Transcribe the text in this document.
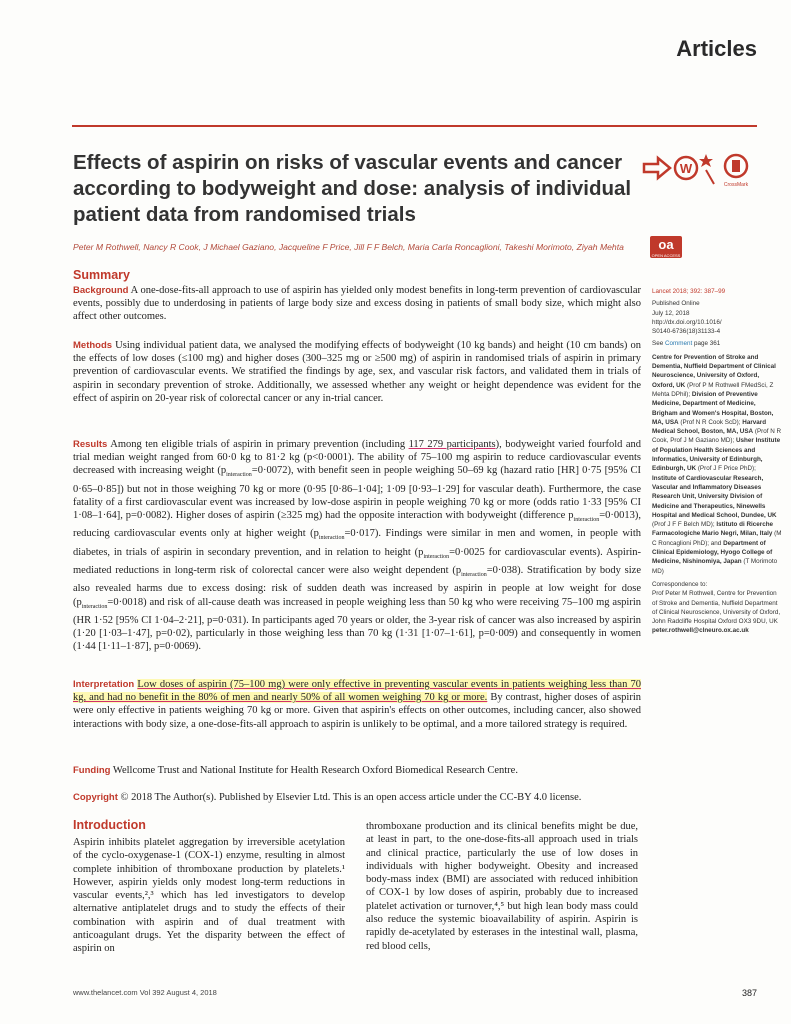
Articles
Effects of aspirin on risks of vascular events and cancer according to bodyweight and dose: analysis of individual patient data from randomised trials
Peter M Rothwell, Nancy R Cook, J Michael Gaziano, Jacqueline F Price, Jill F F Belch, Maria Carla Roncaglioni, Takeshi Morimoto, Ziyah Mehta
W
CrossMark
oa
OPEN ACCESS
Summary
Background A one-dose-fits-all approach to use of aspirin has yielded only modest benefits in long-term prevention of cardiovascular events, possibly due to underdosing in patients of large body size and excess dosing in patients of small body size, which might also affect other outcomes.
Methods Using individual patient data, we analysed the modifying effects of bodyweight (10 kg bands) and height (10 cm bands) on the effects of low doses (≤100 mg) and higher doses (300–325 mg or ≥500 mg) of aspirin in randomised trials of aspirin in primary prevention of cardiovascular events. We stratified the findings by age, sex, and vascular risk factors, and validated them in trials of aspirin in secondary prevention of stroke. Additionally, we assessed whether any weight or height dependence was evident for the effect of aspirin on 20-year risk of colorectal cancer or any in-trial cancer.
Results Among ten eligible trials of aspirin in primary prevention (including 117 279 participants), bodyweight varied fourfold and trial median weight ranged from 60·0 kg to 81·2 kg (p<0·0001). The ability of 75–100 mg aspirin to reduce cardiovascular events decreased with increasing weight $(p_{interaction}=0\cdot 0072)$, with benefit seen in people weighing 50–69 kg (hazard ratio [HR] 0·75 [95% CI 0·65–0·85]) but not in those weighing 70 kg or more (0·95 [0·86–1·04]; 1·09 [0·93–1·29] for vascular death). Furthermore, the case fatality of a first cardiovascular event was increased by low-dose aspirin in people weighing 70 kg or more (odds ratio 1·33 [95% CI 1·08–1·64], p=0·0082). Higher doses of aspirin (≥325 mg) had the opposite interaction with bodyweight (difference $p_{interaction}=0\cdot 0013$), reducing cardiovascular events only at higher weight $(p_{interaction}=0\cdot 017)$. Findings were similar in men and women, in people with diabetes, in trials of aspirin in secondary prevention, and in relation to height ($p_{interaction}=0\cdot 0025$ for cardiovascular events). Aspirin-mediated reductions in long-term risk of colorectal cancer were also weight dependent $(p_{interaction}=0\cdot 038)$. Stratification by body size also revealed harms due to excess dosing: risk of sudden death was increased by aspirin in people at low weight for dose $(p_{interaction}=0\cdot 0018)$ and risk of all-cause death was increased in people weighing less than 50 kg who were receiving 75–100 mg aspirin (HR 1·52 [95% CI 1·04–2·21], p=0·031). In participants aged 70 years or older, the 3-year risk of cancer was also increased by aspirin (1·20 [1·03–1·47], p=0·02), particularly in those weighing less than 70 kg (1·31 [1·07–1·61], p=0·009) and consequently in women (1·44 [1·11–1·87], p=0·0069).
Interpretation Low doses of aspirin (75–100 mg) were only effective in preventing vascular events in patients weighing less than 70 kg, and had no benefit in the 80% of men and nearly 50% of all women weighing 70 kg or more. By contrast, higher doses of aspirin were only effective in patients weighing 70 kg or more. Given that aspirin's effects on other outcomes, including cancer, also showed interactions with body size, a one-dose-fits-all approach to aspirin is unlikely to be optimal, and a more tailored strategy is required.
Funding Wellcome Trust and National Institute for Health Research Oxford Biomedical Research Centre.
Copyright © 2018 The Author(s). Published by Elsevier Ltd. This is an open access article under the CC-BY 4.0 license.
Lancet 2018; 392: 387–99
Published Online
July 12, 2018
http://dx.doi.org/10.1016/
S0140-6736(18)31133-4
See Comment page 361
Centre for Prevention of Stroke and Dementia, Nuffield Department of Clinical Neuroscience, University of Oxford, Oxford, UK (Prof P M Rothwell FMedSci, Z Mehta DPhil); Division of Preventive Medicine, Department of Medicine, Brigham and Women's Hospital, Boston, MA, USA (Prof N R Cook ScD); Harvard Medical School, Boston, MA, USA (Prof N R Cook, Prof J M Gaziano MD); Usher Institute of Population Health Sciences and Informatics, University of Edinburgh, Edinburgh, UK (Prof J F Price PhD); Institute of Cardiovascular Research, Vascular and Inflammatory Diseases Research Unit, University Division of Medicine and Therapeutics, Ninewells Hospital and Medical School, Dundee, UK (Prof J F F Belch MD); Istituto di Ricerche Farmacologiche Mario Negri, Milan, Italy (M C Roncaglioni PhD); and Department of Clinical Epidemiology, Hyogo College of Medicine, Nishinomiya, Japan (T Morimoto MD)
Correspondence to:
Prof Peter M Rothwell, Centre for Prevention of Stroke and Dementia, Nuffield Department of Clinical Neuroscience, University of Oxford, John Radcliffe Hospital Oxford OX3 9DU, UK
peter.rothwell@clneuro.ox.ac.uk
Introduction
Aspirin inhibits platelet aggregation by irreversible acetylation of the cyclo-oxygenase-1 (COX-1) enzyme, resulting in almost complete inhibition of thromboxane production by platelets.¹ However, aspirin yields only modest long-term reductions in vascular events,²,³ which has led investigators to develop alternative antiplatelet drugs and to study the effects of their combination with aspirin and of dual treatment with anticoagulant drugs. Yet the disparity between the effect of aspirin on
thromboxane production and its clinical benefits might be due, at least in part, to the one-dose-fits-all approach used in trials and clinical practice, particularly the use of low doses in individuals with higher bodyweight. Obesity and increased body-mass index (BMI) are associated with reduced inhibition of COX-1 by low doses of aspirin, probably due to increased platelet activation or turnover,⁴,⁵ but high lean body mass could also reduce the systemic bioavailability of aspirin. Aspirin is rapidly de-acetylated by esterases in the intestinal wall, plasma, red blood cells,
www.thelancet.com Vol 392 August 4, 2018	387
